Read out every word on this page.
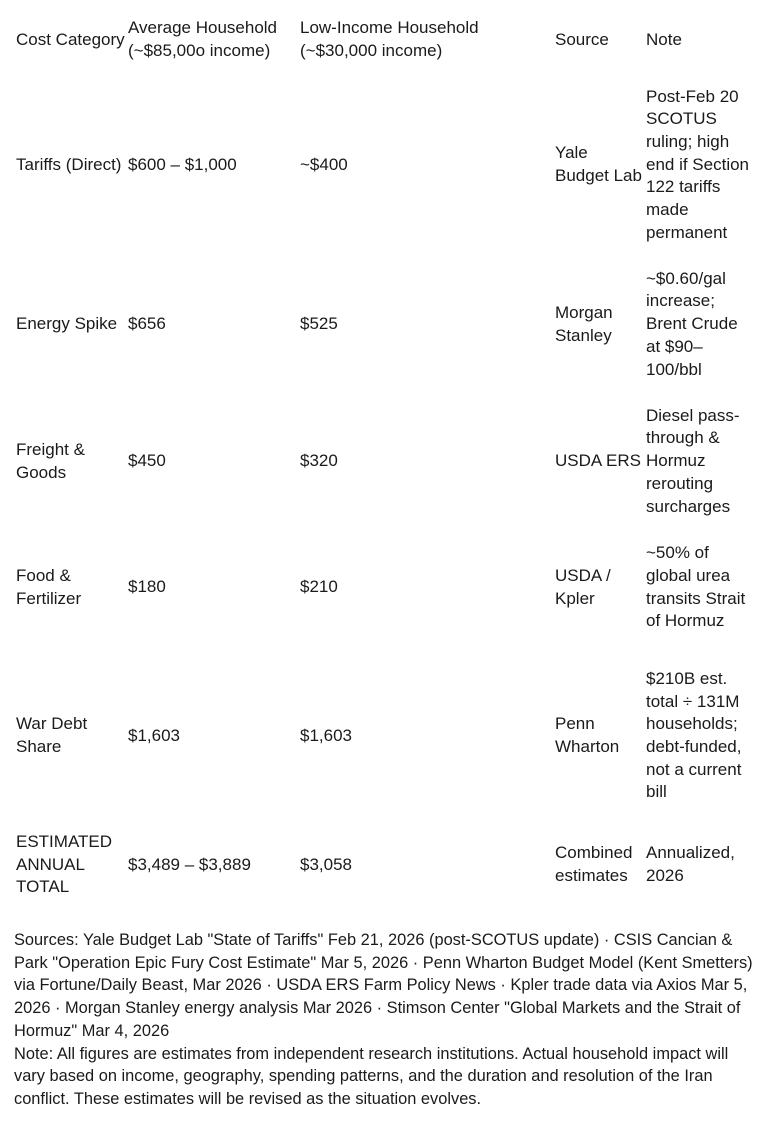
Cost Category	Average Household (~$85,00o income)	Low-Income Household (~$30,000 income)	Source	Note
Tariffs (Direct)	$600 – $1,000	~$400	Yale Budget Lab	Post-Feb 20 SCOTUS ruling; high end if Section 122 tariffs made permanent
Energy Spike	$656	$525	Morgan Stanley	~$0.60/gal increase; Brent Crude at $90–100/bbl
Freight & Goods	$450	$320	USDA ERS	Diesel pass-through & Hormuz rerouting surcharges
Food & Fertilizer	$180	$210	USDA / Kpler	~50% of global urea transits Strait of Hormuz
War Debt Share	$1,603	$1,603	Penn Wharton	$210B est. total ÷ 131M households; debt-funded, not a current bill
ESTIMATED ANNUAL TOTAL	$3,489 – $3,889	$3,058	Combined estimates	Annualized, 2026

Sources: Yale Budget Lab "State of Tariffs" Feb 21, 2026 (post-SCOTUS update) · CSIS Cancian & Park "Operation Epic Fury Cost Estimate" Mar 5, 2026 · Penn Wharton Budget Model (Kent Smetters) via Fortune/Daily Beast, Mar 2026 · USDA ERS Farm Policy News · Kpler trade data via Axios Mar 5, 2026 · Morgan Stanley energy analysis Mar 2026 · Stimson Center "Global Markets and the Strait of Hormuz" Mar 4, 2026

Note: All figures are estimates from independent research institutions. Actual household impact will vary based on income, geography, spending patterns, and the duration and resolution of the Iran conflict. These estimates will be revised as the situation evolves.
